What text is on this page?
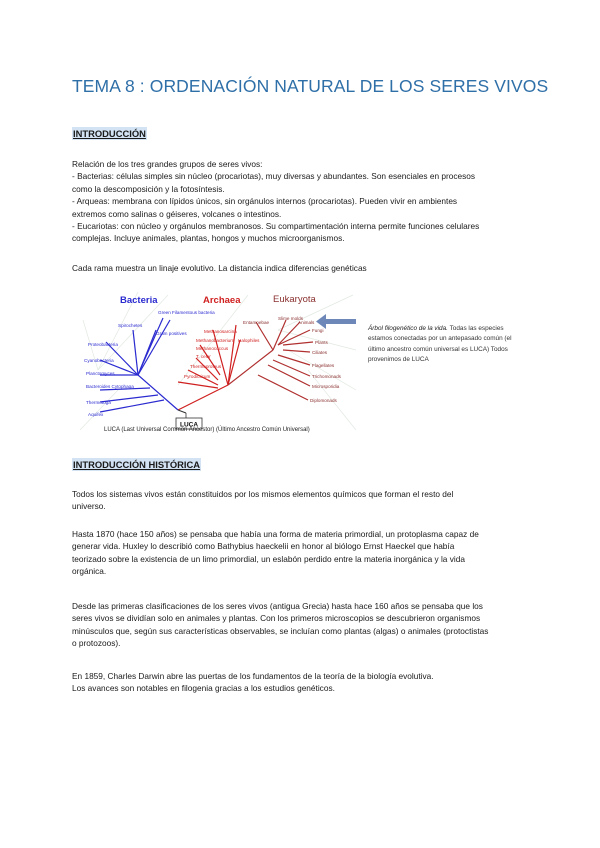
TEMA 8 : ORDENACIÓN NATURAL DE LOS SERES VIVOS
INTRODUCCIÓN
Relación de los tres grandes grupos de seres vivos:
- Bacterias: células simples sin núcleo (procariotas), muy diversas y abundantes. Son esenciales en procesos
como la descomposición y la fotosíntesis.
- Arqueas: membrana con lípidos únicos, sin orgánulos internos (procariotas). Pueden vivir en ambientes
extremos como salinas o géiseres, volcanes o intestinos.
- Eucariotas: con núcleo y orgánulos membranosos. Su compartimentación interna permite funciones celulares
complejas. Incluye animales, plantas, hongos y muchos microorganismos.
Cada rama muestra un linaje evolutivo. La distancia indica diferencias genéticas
Bacteria	Archaea	Eukaryota
Spirochetes
Green Filamentous bacteria
Gram positives
Proteobacteria
Cyanobacteria
Planctomyces
Bacteroides Cytophaga
Thermotoga
Aquifex
Methanosarcina
Methanobacterium
Methanococcus
Halophiles
T. celer
Thermoproteus
Pyrodicticum
Entamoebae
Slime molds
Animals
Fungi
Plants
Ciliates
Flagellates
Trichomonads
Microsporidia
Diplomonads
LUCA
LUCA (Last Universal Common Ancestor) (Último Ancestro Común Universal)
Árbol filogenético de la vida. Todas las especies estamos conectadas por un antepasado común (el último ancestro común universal es LUCA) Todos provenimos de LUCA
INTRODUCCIÓN HISTÓRICA
Todos los sistemas vivos están constituidos por los mismos elementos químicos que forman el resto del
universo.
Hasta 1870 (hace 150 años) se pensaba que había una forma de materia primordial, un protoplasma capaz de
generar vida. Huxley lo describió como Bathybius haeckelii en honor al biólogo Ernst Haeckel que había
teorizado sobre la existencia de un limo primordial, un eslabón perdido entre la materia inorgánica y la vida
orgánica.
Desde las primeras clasificaciones de los seres vivos (antigua Grecia) hasta hace 160 años se pensaba que los
seres vivos se dividían solo en animales y plantas. Con los primeros microscopios se descubrieron organismos
minúsculos que, según sus características observables, se incluían como plantas (algas) o animales (protoctistas
o protozoos).
En 1859, Charles Darwin abre las puertas de los fundamentos de la teoría de la biología evolutiva.
Los avances son notables en filogenia gracias a los estudios genéticos.
